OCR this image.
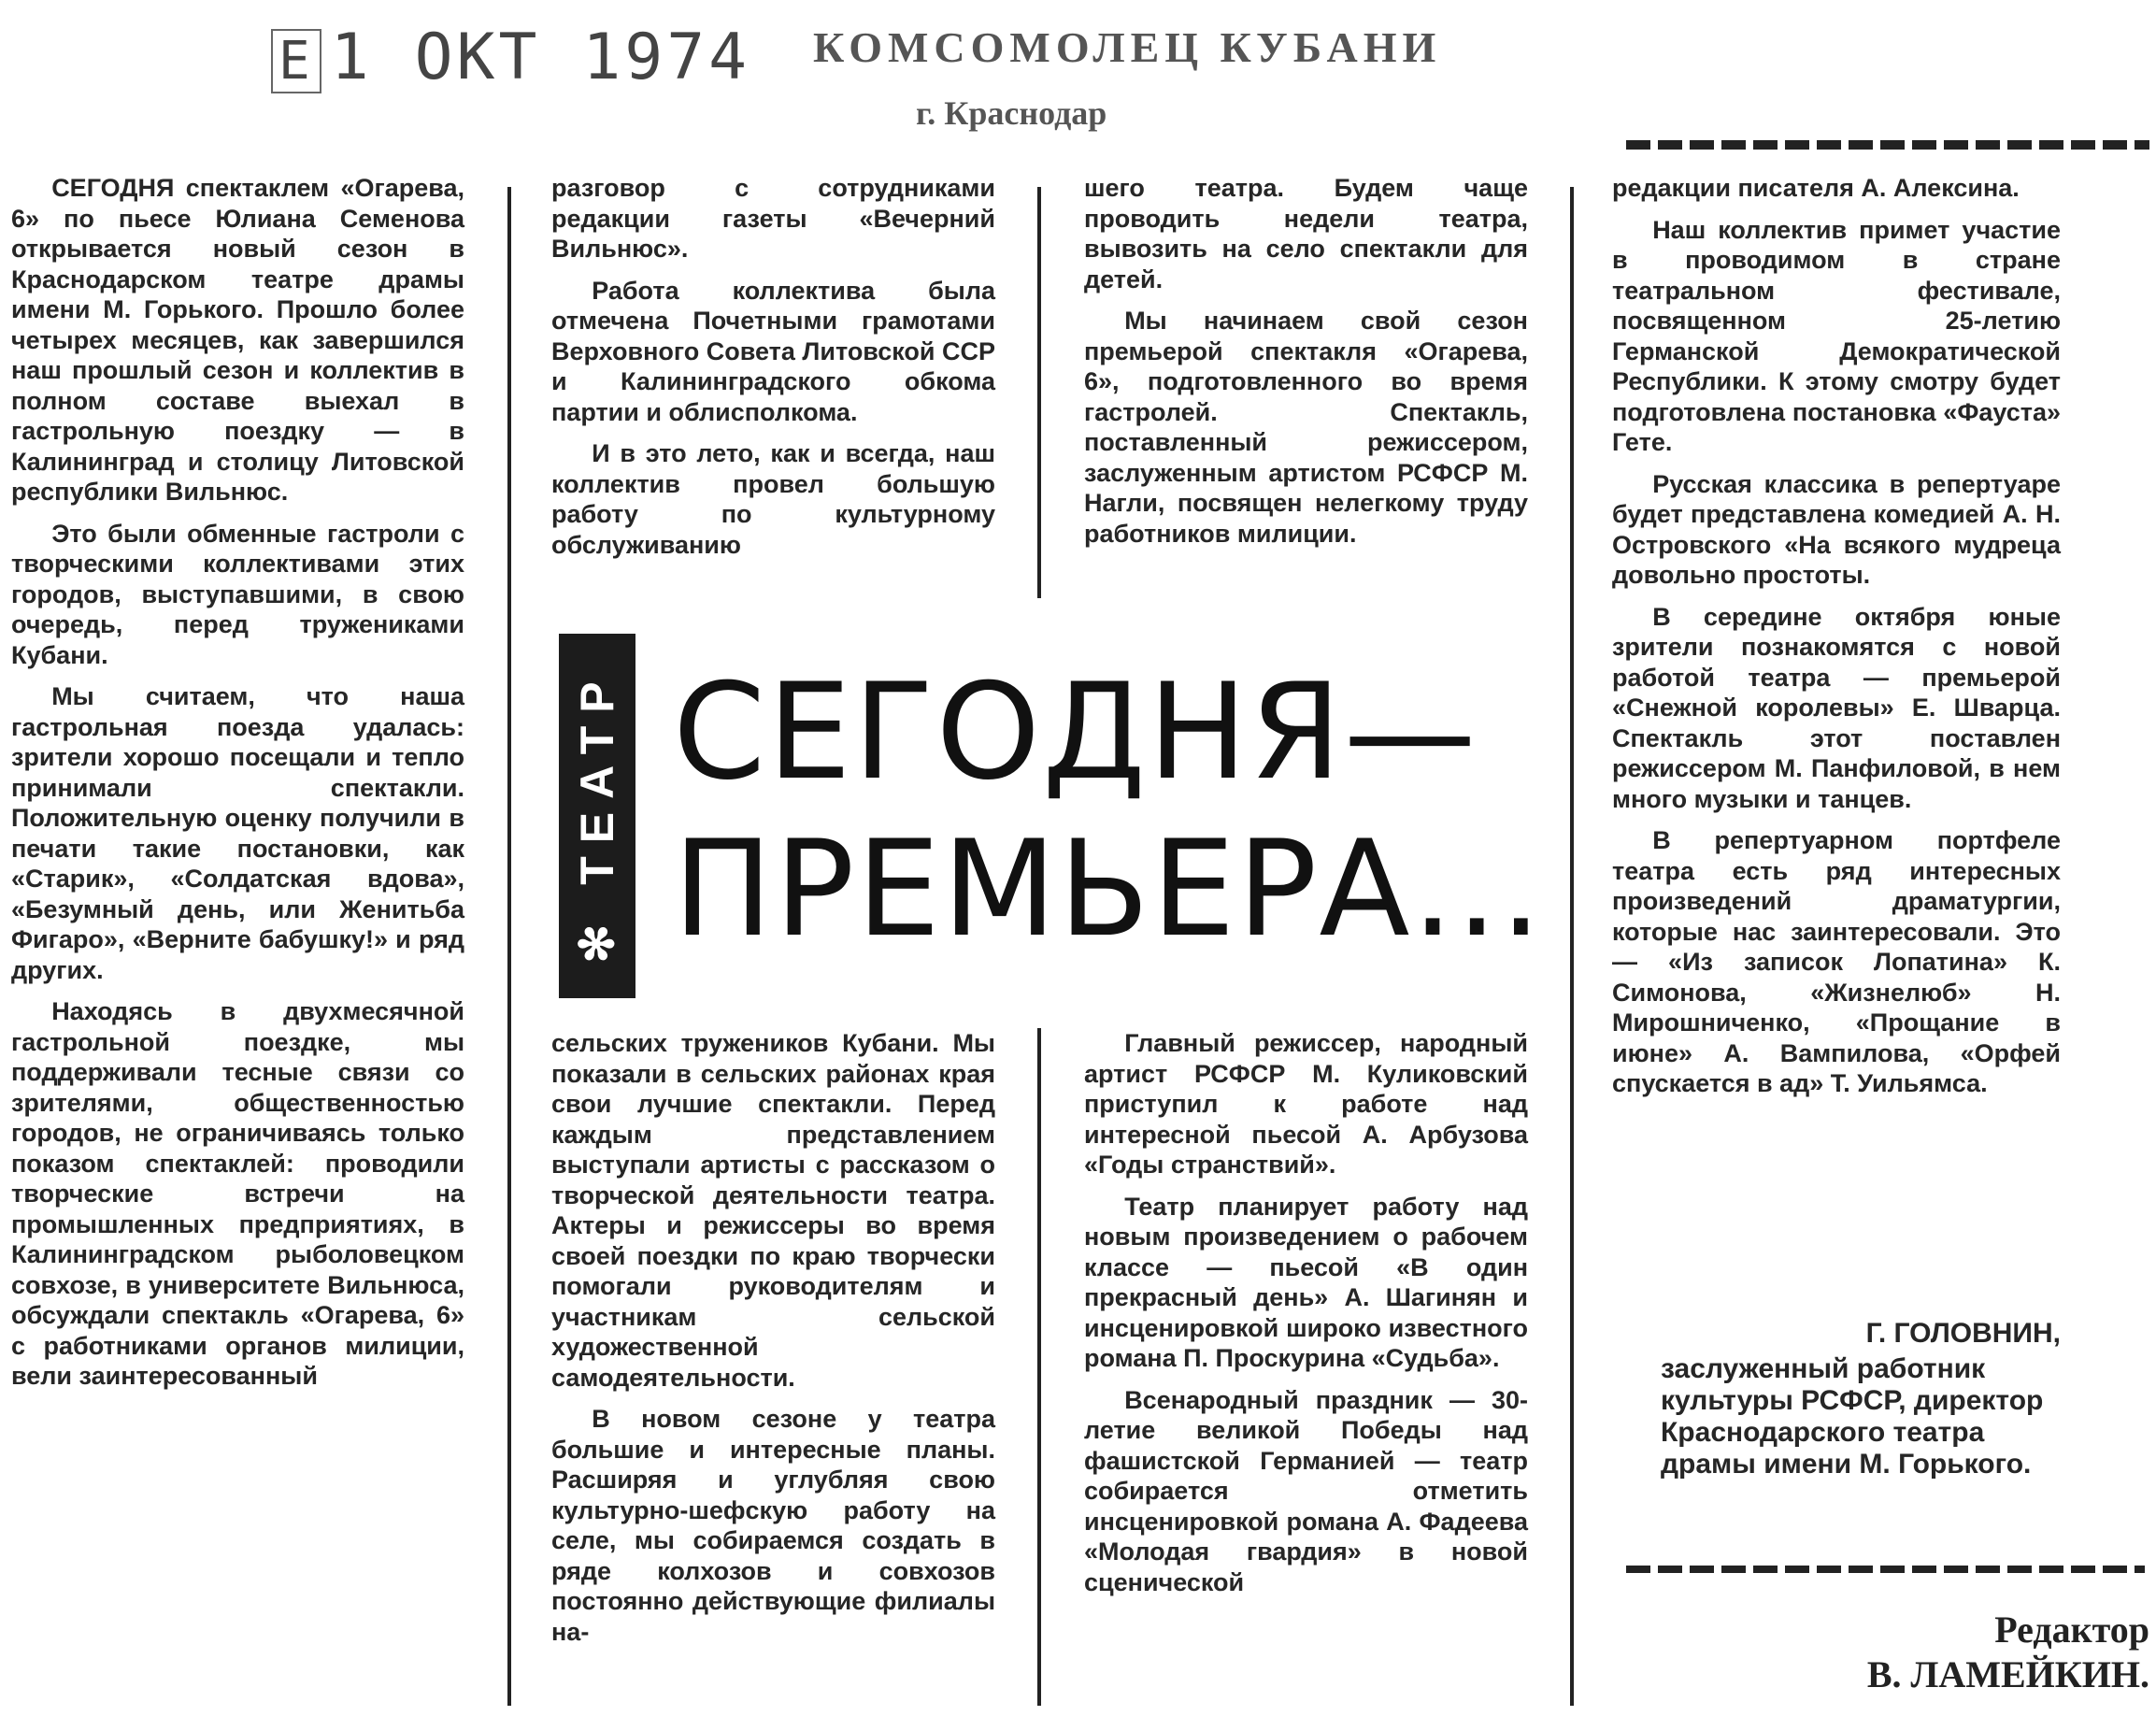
Е 1 ОКТ 1974 КОМСОМОЛЕЦ КУБАНИ
г. Краснодар

СЕГОДНЯ спектаклем «Огарева, 6» по пьесе Юлиана Семенова открывается новый сезон в Краснодарском театре драмы имени М. Горького. Прошло более четырех месяцев, как завершился наш прошлый сезон и коллектив в полном составе выехал в гастрольную поездку — в Калининград и столицу Литовской республики Вильнюс.

Это были обменные гастроли с творческими коллективами этих городов, выступавшими, в свою очередь, перед тружениками Кубани.

Мы считаем, что наша гастрольная поезда удалась: зрители хорошо посещали и тепло принимали спектакли. Положительную оценку получили в печати такие постановки, как «Старик», «Солдатская вдова», «Безумный день, или Женитьба Фигаро», «Верните бабушку!» и ряд других.

Находясь в двухмесячной гастрольной поездке, мы поддерживали тесные связи со зрителями, общественностью городов, не ограничиваясь только показом спектаклей: проводили творческие встречи на промышленных предприятиях, в Калининградском рыболовецком совхозе, в университете Вильнюса, обсуждали спектакль «Огарева, 6» с работниками органов милиции, вели заинтересованный

разговор с сотрудниками редакции газеты «Вечерний Вильнюс».

Работа коллектива была отмечена Почетными грамотами Верховного Совета Литовской ССР и Калининградского обкома партии и облисполкома.

И в это лето, как и всегда, наш коллектив провел большую работу по культурному обслуживанию

шего театра. Будем чаще проводить недели театра, вывозить на село спектакли для детей.

Мы начинаем свой сезон премьерой спектакля «Огарева, 6», подготовленного во время гастролей. Спектакль, поставленный режиссером, заслуженным артистом РСФСР М. Нагли, посвящен нелегкому труду работников милиции.

✻ ТЕАТР СЕГОДНЯ—
ПРЕМЬЕРА...

сельских тружеников Кубани. Мы показали в сельских районах края свои лучшие спектакли. Перед каждым представлением выступали артисты с рассказом о творческой деятельности театра. Актеры и режиссеры во время своей поездки по краю творчески помогали руководителям и участникам сельской художественной самодеятельности.

В новом сезоне у театра большие и интересные планы. Расширяя и углубляя свою культурно-шефскую работу на селе, мы собираемся создать в ряде колхозов и совхозов постоянно действующие филиалы на-

Главный режиссер, народный артист РСФСР М. Куликовский приступил к работе над интересной пьесой А. Арбузова «Годы странствий».

Театр планирует работу над новым произведением о рабочем классе — пьесой «В один прекрасный день» А. Шагинян и инсценировкой широко известного романа П. Проскурина «Судьба».

Всенародный праздник — 30-летие великой Победы над фашистской Германией — театр собирается отметить инсценировкой романа А. Фадеева «Молодая гвардия» в новой сценической

редакции писателя А. Алексина.

Наш коллектив примет участие в проводимом в стране театральном фестивале, посвященном 25-летию Германской Демократической Республики. К этому смотру будет подготовлена постановка «Фауста» Гете.

Русская классика в репертуаре будет представлена комедией А. Н. Островского «На всякого мудреца довольно простоты.

В середине октября юные зрители познакомятся с новой работой театра — премьерой «Снежной королевы» Е. Шварца. Спектакль этот поставлен режиссером М. Панфиловой, в нем много музыки и танцев.

В репертуарном портфеле театра есть ряд интересных произведений драматургии, которые нас заинтересовали. Это — «Из записок Лопатина» К. Симонова, «Жизнелюб» Н. Мирошниченко, «Прощание в июне» А. Вампилова, «Орфей спускается в ад» Т. Уильямса.

Г. ГОЛОВНИН,
заслуженный работник культуры РСФСР, директор Краснодарского театра драмы имени М. Горького.
Редактор
В. ЛАМЕЙКИН.
